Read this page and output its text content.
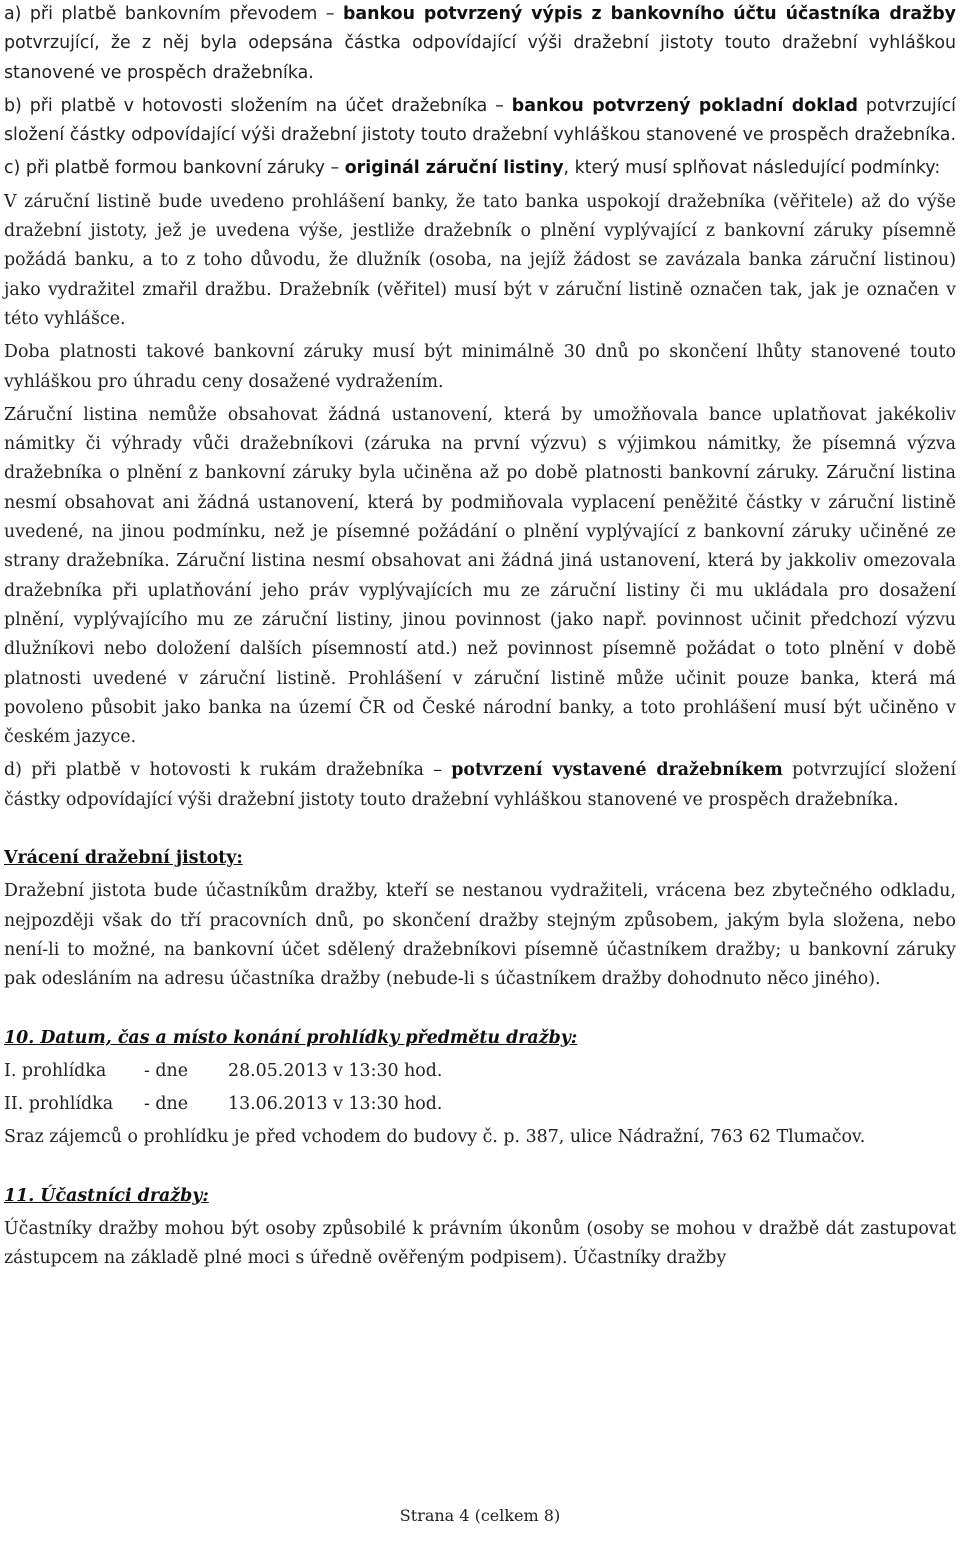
a) při platbě bankovním převodem – bankou potvrzený výpis z bankovního účtu účastníka dražby potvrzující, že z něj byla odepsána částka odpovídající výši dražební jistoty touto dražební vyhláškou stanovené ve prospěch dražebníka.

b) při platbě v hotovosti složením na účet dražebníka – bankou potvrzený pokladní doklad potvrzující složení částky odpovídající výši dražební jistoty touto dražební vyhláškou stanovené ve prospěch dražebníka.

c) při platbě formou bankovní záruky – originál záruční listiny, který musí splňovat následující podmínky:

V záruční listině bude uvedeno prohlášení banky, že tato banka uspokojí dražebníka (věřitele) až do výše dražební jistoty, jež je uvedena výše, jestliže dražebník o plnění vyplývající z bankovní záruky písemně požádá banku, a to z toho důvodu, že dlužník (osoba, na jejíž žádost se zavázala banka záruční listinou) jako vydražitel zmařil dražbu. Dražebník (věřitel) musí být v záruční listině označen tak, jak je označen v této vyhlášce.

Doba platnosti takové bankovní záruky musí být minimálně 30 dnů po skončení lhůty stanovené touto vyhláškou pro úhradu ceny dosažené vydražením.

Záruční listina nemůže obsahovat žádná ustanovení, která by umožňovala bance uplatňovat jakékoliv námitky či výhrady vůči dražebníkovi (záruka na první výzvu) s výjimkou námitky, že písemná výzva dražebníka o plnění z bankovní záruky byla učiněna až po době platnosti bankovní záruky. Záruční listina nesmí obsahovat ani žádná ustanovení, která by podmiňovala vyplacení peněžité částky v záruční listině uvedené, na jinou podmínku, než je písemné požádání o plnění vyplývající z bankovní záruky učiněné ze strany dražebníka. Záruční listina nesmí obsahovat ani žádná jiná ustanovení, která by jakkoliv omezovala dražebníka při uplatňování jeho práv vyplývajících mu ze záruční listiny či mu ukládala pro dosažení plnění, vyplývajícího mu ze záruční listiny, jinou povinnost (jako např. povinnost učinit předchozí výzvu dlužníkovi nebo doložení dalších písemností atd.) než povinnost písemně požádat o toto plnění v době platnosti uvedené v záruční listině. Prohlášení v záruční listině může učinit pouze banka, která má povoleno působit jako banka na území ČR od České národní banky, a toto prohlášení musí být učiněno v českém jazyce.

d) při platbě v hotovosti k rukám dražebníka – potvrzení vystavené dražebníkem potvrzující složení částky odpovídající výši dražební jistoty touto dražební vyhláškou stanovené ve prospěch dražebníka.

Vrácení dražební jistoty:

Dražební jistota bude účastníkům dražby, kteří se nestanou vydražiteli, vrácena bez zbytečného odkladu, nejpozději však do tří pracovních dnů, po skončení dražby stejným způsobem, jakým byla složena, nebo není-li to možné, na bankovní účet sdělený dražebníkovi písemně účastníkem dražby; u bankovní záruky pak odesláním na adresu účastníka dražby (nebude-li s účastníkem dražby dohodnuto něco jiného).

10. Datum, čas a místo konání prohlídky předmětu dražby:

I. prohlídka	- dne	28.05.2013 v 13:30 hod.

II. prohlídka	- dne	13.06.2013 v 13:30 hod.

Sraz zájemců o prohlídku je před vchodem do budovy č. p. 387, ulice Nádražní, 763 62 Tlumačov.

11. Účastníci dražby:

Účastníky dražby mohou být osoby způsobilé k právním úkonům (osoby se mohou v dražbě dát zastupovat zástupcem na základě plné moci s úředně ověřeným podpisem). Účastníky dražby

Strana 4 (celkem 8)
